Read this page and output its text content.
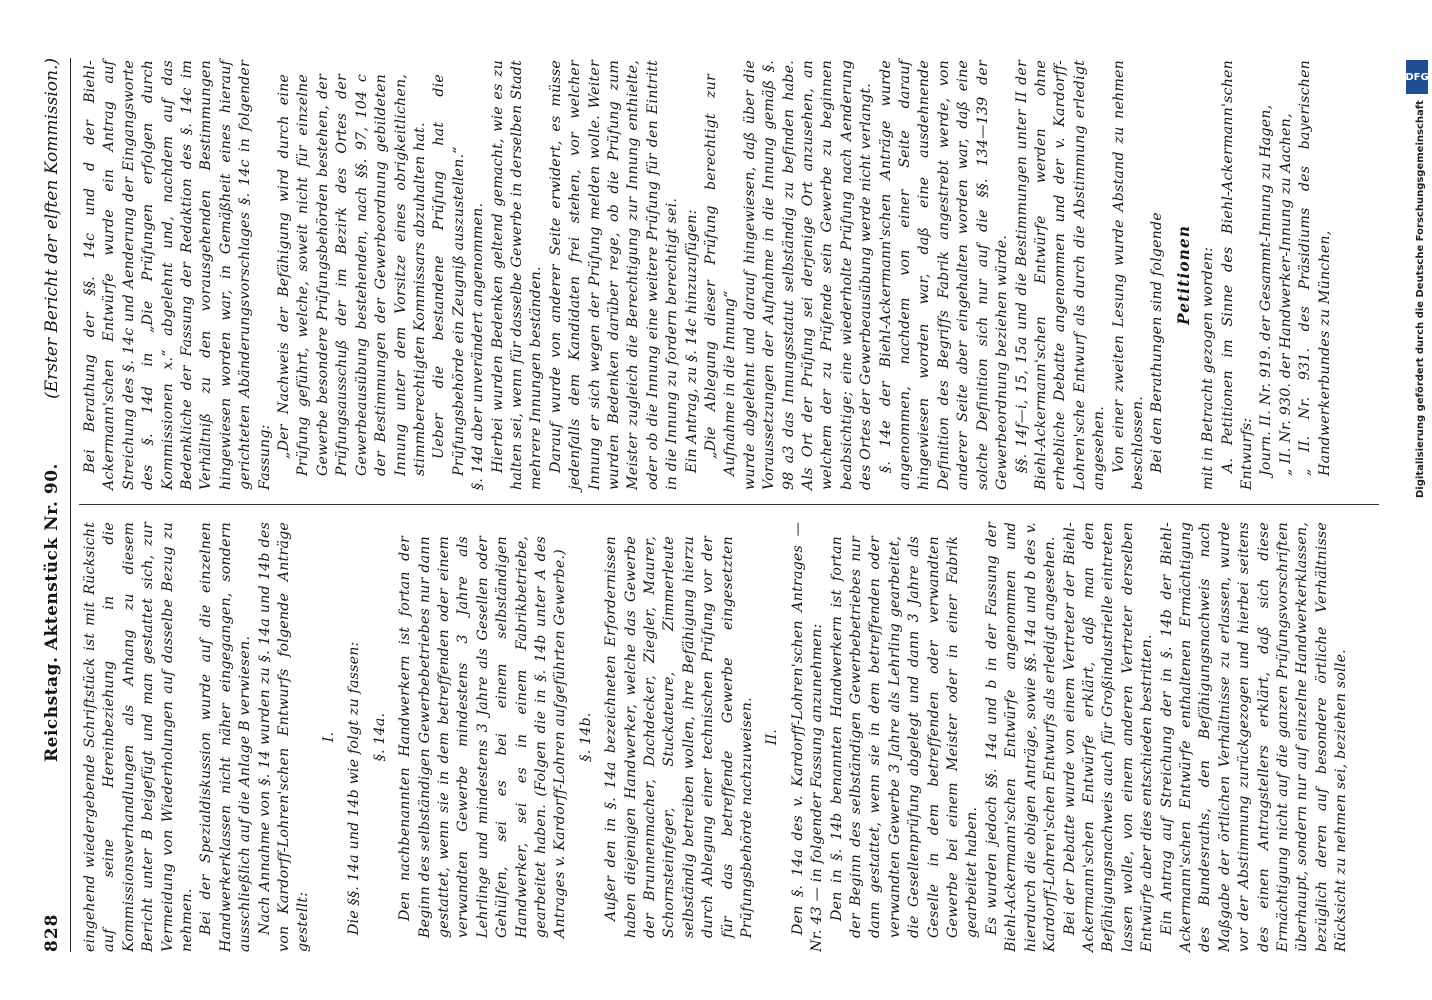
828
Reichstag. Aktenstück Nr. 90.
(Erster Bericht der elften Kommission.)

eingehend wiedergebende Schriftstück ist mit Rücksicht auf seine Hereinbeziehung in die Kommissionsverhandlungen als Anhang zu diesem Bericht unter B beigefügt und man gestattet sich, zur Vermeidung von Wiederholungen auf dasselbe Bezug zu nehmen. Bei der Spezialdiskussion wurde auf die einzelnen Handwerkerklassen nicht näher eingegangen, sondern ausschließlich auf die Anlage B verwiesen. Nach Annahme von §. 14 wurden zu §. 14a und 14b des von Kardorff-Lohren'schen Entwurfs folgende Anträge gestellt:

I. Die §§. 14a und 14b wie folgt zu fassen: §. 14a. Den nachbenannten Handwerkern ist fortan der Beginn des selbständigen Gewerbebetriebes nur dann gestattet, wenn sie in dem betreffenden oder einem verwandten Gewerbe mindestens 3 Jahre als Lehrlinge und mindestens 3 Jahre als Gesellen oder Gehülfen, sei es bei einem selbständigen Handwerker, sei es in einem Fabrikbetriebe, gearbeitet haben. (Folgen die in §. 14b unter A des Antrages v. Kardorff-Lohren aufgeführten Gewerbe.) §. 14b. Außer den in §. 14a bezeichneten Erfordernissen haben diejenigen Handwerker, welche das Gewerbe der Brunnenmacher, Dachdecker, Ziegler, Maurer, Schornsteinfeger, Stuckateure, Zimmerleute selbständig betreiben wollen, ihre Befähigung hierzu durch Ablegung einer technischen Prüfung vor der für das betreffende Gewerbe eingesetzten Prüfungsbehörde nachzuweisen. II. Den §. 14a des v. Kardorff-Lohren'schen Antrages — Nr. 43 — in folgender Fassung anzunehmen: Den in §. 14b benannten Handwerkern ist fortan der Beginn des selbständigen Gewerbebetriebes nur dann gestattet, wenn sie in dem betreffenden oder verwandten Gewerbe 3 Jahre als Lehrling gearbeitet, die Gesellenprüfung abgelegt und dann 3 Jahre als Geselle in dem betreffenden oder verwandten Gewerbe bei einem Meister oder in einer Fabrik gearbeitet haben. Es wurden jedoch §§. 14a und b in der Fassung der Biehl-Ackermann'schen Entwürfe angenommen und hierdurch die obigen Anträge, sowie §§. 14a und b des v. Kardorff-Lohren'schen Entwurfs als erledigt angesehen. Bei der Debatte wurde von einem Vertreter der Biehl-Ackermann'schen Entwürfe erklärt, daß man den Befähigungsnachweis auch für Großindustrielle eintreten lassen wolle, von einem anderen Vertreter derselben Entwürfe aber dies entschieden bestritten. Ein Antrag auf Streichung der in §. 14b der Biehl-Ackermann'schen Entwürfe enthaltenen Ermächtigung des Bundesraths, den Befähigungsnachweis nach Maßgabe der örtlichen Verhältnisse zu erlassen, wurde vor der Abstimmung zurückgezogen und hierbei seitens des einen Antragstellers erklärt, daß sich diese Ermächtigung nicht auf die ganzen Prüfungsvorschriften überhaupt, sondern nur auf einzelne Handwerkerklassen, bezüglich deren auf besondere örtliche Verhältnisse Rücksicht zu nehmen sei, beziehen solle.

Bei Berathung der §§. 14c und d der Biehl-Ackermann'schen Entwürfe wurde ein Antrag auf Streichung des §. 14c und Aenderung der Eingangsworte des §. 14d in „Die Prüfungen erfolgen durch Kommissionen x.“ abgelehnt und, nachdem auf das Bedenkliche der Fassung der Redaktion des §. 14c im Verhältniß zu den vorausgehenden Bestimmungen hingewiesen worden war, in Gemäßheit eines hierauf gerichteten Abänderungsvorschlages §. 14c in folgender Fassung: „Der Nachweis der Befähigung wird durch eine Prüfung geführt, welche, soweit nicht für einzelne Gewerbe besondere Prüfungsbehörden bestehen, der Prüfungsausschuß der im Bezirk des Ortes der Gewerbeausübung bestehenden, nach §§. 97, 104 c der Bestimmungen der Gewerbeordnung gebildeten Innung unter dem Vorsitze eines obrigkeitlichen, stimmberechtigten Kommissars abzuhalten hat. Ueber die bestandene Prüfung hat die Prüfungsbehörde ein Zeugniß auszustellen.“ §. 14d aber unverändert angenommen. Hierbei wurden Bedenken geltend gemacht, wie es zu halten sei, wenn für dasselbe Gewerbe in derselben Stadt mehrere Innungen beständen. Darauf wurde von anderer Seite erwidert, es müsse jedenfalls dem Kandidaten frei stehen, vor welcher Innung er sich wegen der Prüfung melden wolle. Weiter wurden Bedenken darüber rege, ob die Prüfung zum Meister zugleich die Berechtigung zur Innung enthielte, oder ob die Innung eine weitere Prüfung für den Eintritt in die Innung zu fordern berechtigt sei. Ein Antrag, zu §. 14c hinzuzufügen: „Die Ablegung dieser Prüfung berechtigt zur Aufnahme in die Innung“ wurde abgelehnt und darauf hingewiesen, daß über die Voraussetzungen der Aufnahme in die Innung gemäß §. 98 a3 das Innungsstatut selbständig zu befinden habe. Als Ort der Prüfung sei derjenige Ort anzusehen, an welchem der zu Prüfende sein Gewerbe zu beginnen beabsichtige; eine wiederholte Prüfung nach Aenderung des Ortes der Gewerbeausübung werde nicht verlangt. §. 14e der Biehl-Ackermann'schen Anträge wurde angenommen, nachdem von einer Seite darauf hingewiesen worden war, daß eine ausdehnende Definition des Begriffs Fabrik angestrebt werde, von anderer Seite aber eingehalten worden war, daß eine solche Definition sich nur auf die §§. 134—139 der Gewerbeordnung beziehen würde. §§. 14f—i, 15, 15a und die Bestimmungen unter II der Biehl-Ackermann'schen Entwürfe werden ohne erhebliche Debatte angenommen und der v. Kardorff-Lohren'sche Entwurf als durch die Abstimmung erledigt angesehen. Von einer zweiten Lesung wurde Abstand zu nehmen beschlossen. Bei den Berathungen sind folgende Petitionen mit in Betracht gezogen worden: A. Petitionen im Sinne des Biehl-Ackermann'schen Entwurfs: Journ. II. Nr. 919. der Gesammt-Innung zu Hagen, „ II. Nr. 930. der Handwerker-Innung zu Aachen, „ II. Nr. 931. des Präsidiums des bayerischen Handwerkerbundes zu München,

DFG
Digitalisierung gefördert durch die Deutsche Forschungsgemeinschaft
